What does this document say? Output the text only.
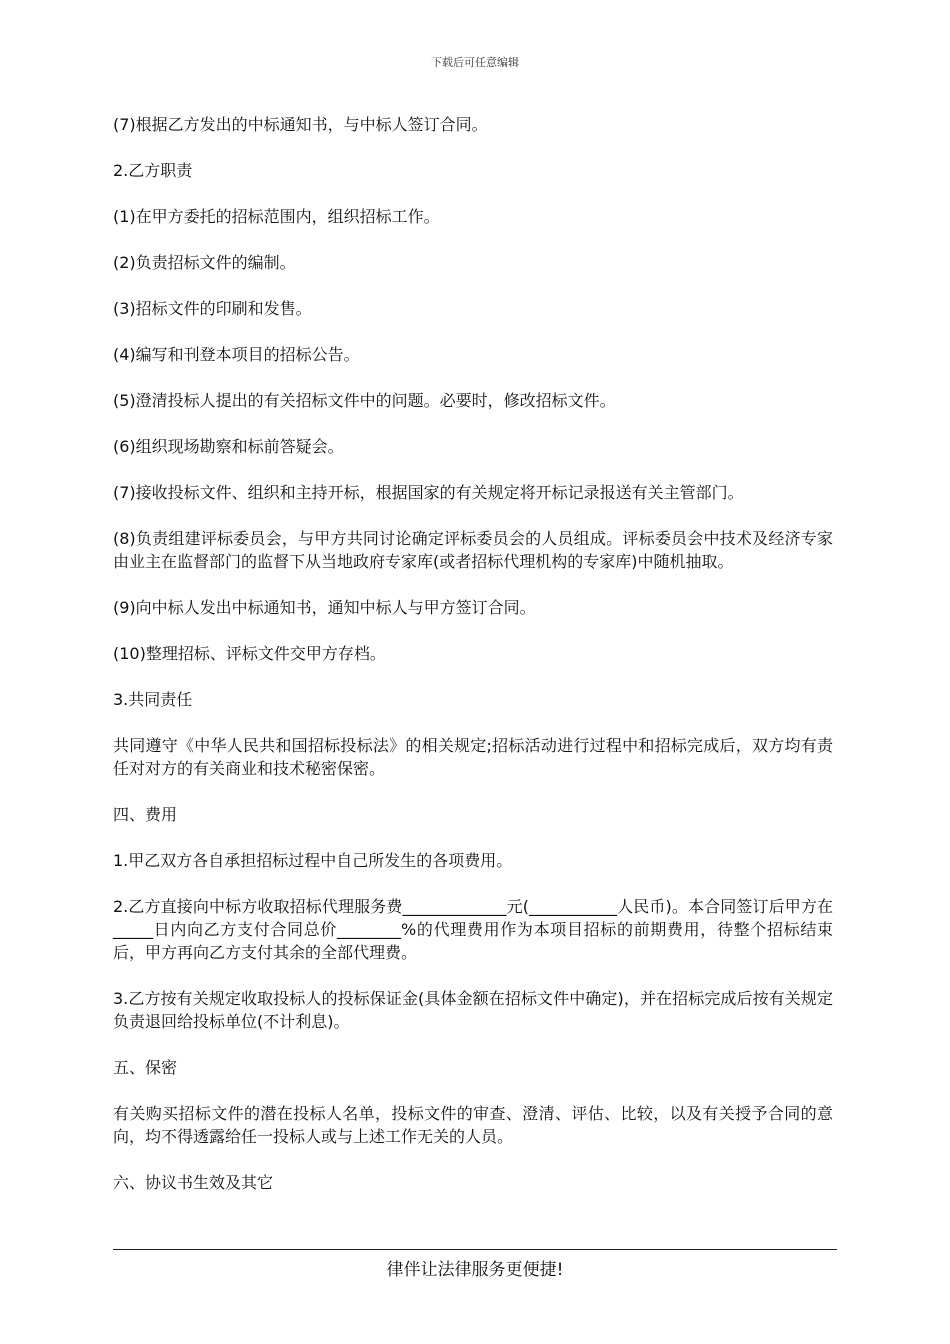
下载后可任意编辑

(7)根据乙方发出的中标通知书，与中标人签订合同。

2.乙方职责

(1)在甲方委托的招标范围内，组织招标工作。

(2)负责招标文件的编制。

(3)招标文件的印刷和发售。

(4)编写和刊登本项目的招标公告。

(5)澄清投标人提出的有关招标文件中的问题。必要时，修改招标文件。

(6)组织现场勘察和标前答疑会。

(7)接收投标文件、组织和主持开标，根据国家的有关规定将开标记录报送有关主管部门。

(8)负责组建评标委员会，与甲方共同讨论确定评标委员会的人员组成。评标委员会中技术及经济专家由业主在监督部门的监督下从当地政府专家库(或者招标代理机构的专家库)中随机抽取。

(9)向中标人发出中标通知书，通知中标人与甲方签订合同。

(10)整理招标、评标文件交甲方存档。

3.共同责任

共同遵守《中华人民共和国招标投标法》的相关规定;招标活动进行过程中和招标完成后，双方均有责任对对方的有关商业和技术秘密保密。

四、费用

1.甲乙双方各自承担招标过程中自己所发生的各项费用。

2.乙方直接向中标方收取招标代理服务费_____________元(___________人民币)。本合同签订后甲方在_____日内向乙方支付合同总价________%的代理费用作为本项目招标的前期费用，待整个招标结束后，甲方再向乙方支付其余的全部代理费。

3.乙方按有关规定收取投标人的投标保证金(具体金额在招标文件中确定)，并在招标完成后按有关规定负责退回给投标单位(不计利息)。

五、保密

有关购买招标文件的潜在投标人名单，投标文件的审查、澄清、评估、比较，以及有关授予合同的意向，均不得透露给任一投标人或与上述工作无关的人员。

六、协议书生效及其它

律伴让法律服务更便捷!
